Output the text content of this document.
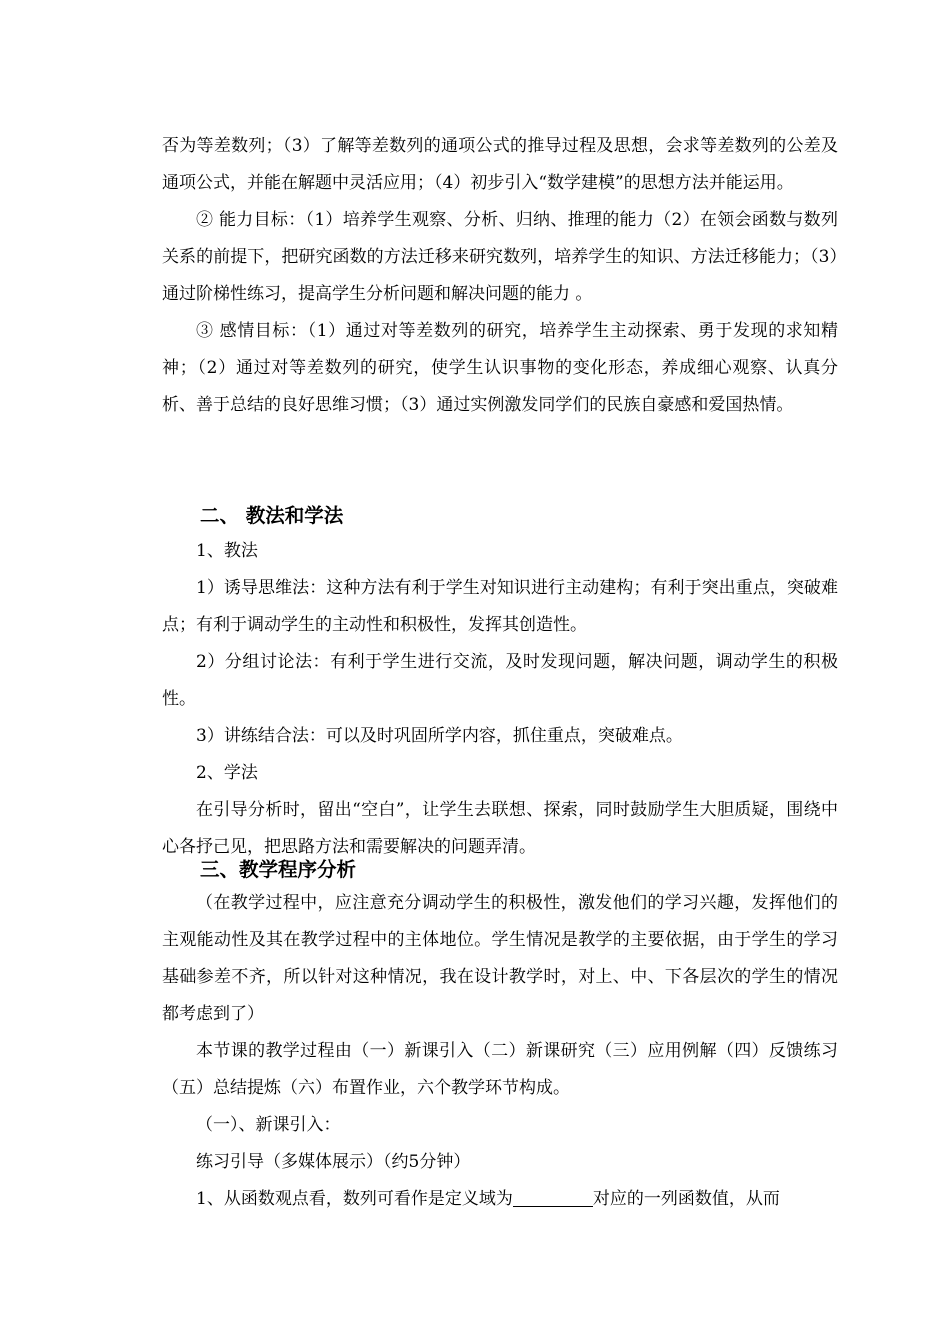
否为等差数列；（3）了解等差数列的通项公式的推导过程及思想，会求等差数列的公差及通项公式，并能在解题中灵活应用；（4）初步引入“数学建模”的思想方法并能运用。

② 能力目标：（1）培养学生观察、分析、归纳、推理的能力（2）在领会函数与数列关系的前提下，把研究函数的方法迁移来研究数列，培养学生的知识、方法迁移能力；（3）通过阶梯性练习，提高学生分析问题和解决问题的能力 。

③ 感情目标：（1）通过对等差数列的研究，培养学生主动探索、勇于发现的求知精神；（2）通过对等差数列的研究，使学生认识事物的变化形态，养成细心观察、认真分析、善于总结的良好思维习惯；（3）通过实例激发同学们的民族自豪感和爱国热情。

二、 教法和学法

1、教法

1）诱导思维法：这种方法有利于学生对知识进行主动建构；有利于突出重点，突破难点；有利于调动学生的主动性和积极性，发挥其创造性。

2）分组讨论法：有利于学生进行交流，及时发现问题，解决问题，调动学生的积极性。

3）讲练结合法：可以及时巩固所学内容，抓住重点，突破难点。

2、学法

在引导分析时，留出“空白”，让学生去联想、探索，同时鼓励学生大胆质疑，围绕中心各抒己见，把思路方法和需要解决的问题弄清。

三、教学程序分析

（在教学过程中，应注意充分调动学生的积极性，激发他们的学习兴趣，发挥他们的主观能动性及其在教学过程中的主体地位。学生情况是教学的主要依据，由于学生的学习基础参差不齐，所以针对这种情况，我在设计教学时，对上、中、下各层次的学生的情况都考虑到了）

本节课的教学过程由（一）新课引入（二）新课研究（三）应用例解（四）反馈练习（五）总结提炼（六）布置作业，六个教学环节构成。

（一）、新课引入：

练习引导（多媒体展示）（约5分钟）

1、从函数观点看，数列可看作是定义域为	对应的一列函数值，从而
